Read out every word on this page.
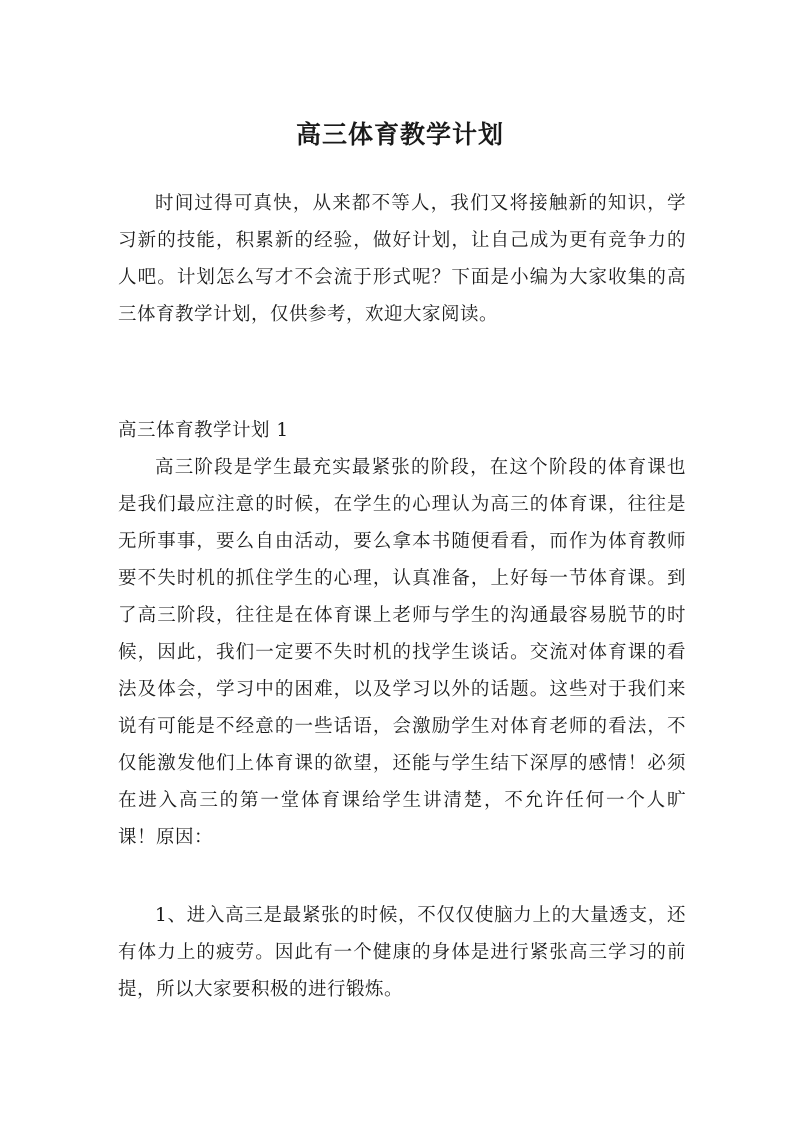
高三体育教学计划

时间过得可真快，从来都不等人，我们又将接触新的知识，学习新的技能，积累新的经验，做好计划，让自己成为更有竞争力的人吧。计划怎么写才不会流于形式呢？下面是小编为大家收集的高三体育教学计划，仅供参考，欢迎大家阅读。

高三体育教学计划 1

高三阶段是学生最充实最紧张的阶段，在这个阶段的体育课也是我们最应注意的时候，在学生的心理认为高三的体育课，往往是无所事事，要么自由活动，要么拿本书随便看看，而作为体育教师要不失时机的抓住学生的心理，认真准备，上好每一节体育课。到了高三阶段，往往是在体育课上老师与学生的沟通最容易脱节的时候，因此，我们一定要不失时机的找学生谈话。交流对体育课的看法及体会，学习中的困难，以及学习以外的话题。这些对于我们来说有可能是不经意的一些话语，会激励学生对体育老师的看法，不仅能激发他们上体育课的欲望，还能与学生结下深厚的感情！必须在进入高三的第一堂体育课给学生讲清楚，不允许任何一个人旷课！原因：

1、进入高三是最紧张的时候，不仅仅使脑力上的大量透支，还有体力上的疲劳。因此有一个健康的身体是进行紧张高三学习的前提，所以大家要积极的进行锻炼。
